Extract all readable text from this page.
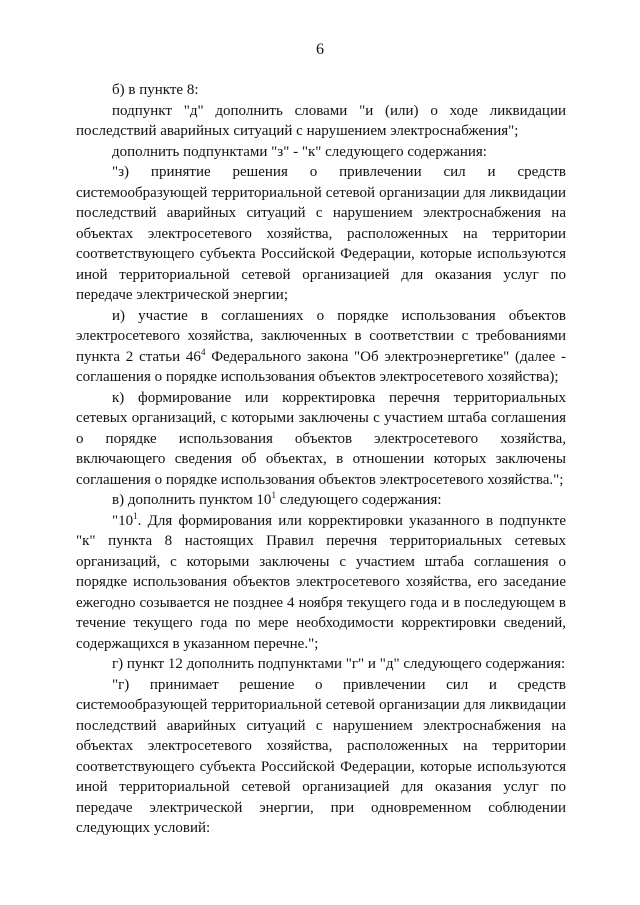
6

б) в пункте 8:

подпункт "д" дополнить словами "и (или) о ходе ликвидации последствий аварийных ситуаций с нарушением электроснабжения";

дополнить подпунктами "з" - "к" следующего содержания:

"з) принятие решения о привлечении сил и средств системообразующей территориальной сетевой организации для ликвидации последствий аварийных ситуаций с нарушением электроснабжения на объектах электросетевого хозяйства, расположенных на территории соответствующего субъекта Российской Федерации, которые используются иной территориальной сетевой организацией для оказания услуг по передаче электрической энергии;

и) участие в соглашениях о порядке использования объектов электросетевого хозяйства, заключенных в соответствии с требованиями пункта 2 статьи $46^4$ Федерального закона "Об электроэнергетике" (далее - соглашения о порядке использования объектов электросетевого хозяйства);

к) формирование или корректировка перечня территориальных сетевых организаций, с которыми заключены с участием штаба соглашения о порядке использования объектов электросетевого хозяйства, включающего сведения об объектах, в отношении которых заключены соглашения о порядке использования объектов электросетевого хозяйства.";

в) дополнить пунктом $10^1$ следующего содержания:

"$10^1$. Для формирования или корректировки указанного в подпункте "к" пункта 8 настоящих Правил перечня территориальных сетевых организаций, с которыми заключены с участием штаба соглашения о порядке использования объектов электросетевого хозяйства, его заседание ежегодно созывается не позднее 4 ноября текущего года и в последующем в течение текущего года по мере необходимости корректировки сведений, содержащихся в указанном перечне.";

г) пункт 12 дополнить подпунктами "г" и "д" следующего содержания:

"г) принимает решение о привлечении сил и средств системообразующей территориальной сетевой организации для ликвидации последствий аварийных ситуаций с нарушением электроснабжения на объектах электросетевого хозяйства, расположенных на территории соответствующего субъекта Российской Федерации, которые используются иной территориальной сетевой организацией для оказания услуг по передаче электрической энергии, при одновременном соблюдении следующих условий:
